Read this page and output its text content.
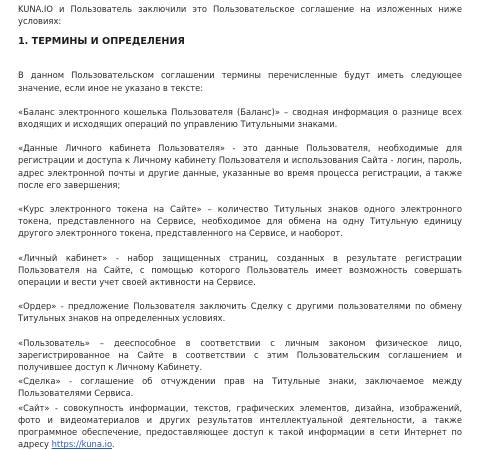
KUNA.IO и Пользователь заключили это Пользовательское соглашение на изложенных ниже условиях:

1. ТЕРМИНЫ И ОПРЕДЕЛЕНИЯ

В данном Пользовательском соглашении термины перечисленные будут иметь следующее значение, если иное не указано в тексте:

«Баланс электронного кошелька Пользователя (Баланс)» – сводная информация о разнице всех входящих и исходящих операций по управлению Титульными знаками.

«Данные Личного кабинета Пользователя» - это данные Пользователя, необходимые для регистрации и доступа к Личному кабинету Пользователя и использования Сайта - логин, пароль, адрес электронной почты и другие данные, указанные во время процесса регистрации, а также после его завершения;

«Курс электронного токена на Сайте» – количество Титульных знаков одного электронного токена, представленного на Сервисе, необходимое для обмена на одну Титульную единицу другого электронного токена, представленного на Сервисе, и наоборот.

«Личный кабинет» - набор защищенных страниц, созданных в результате регистрации Пользователя на Сайте, с помощью которого Пользователь имеет возможность совершать операции и вести учет своей активности на Сервисе.

«Ордер» - предложение Пользователя заключить Сделку с другими пользователями по обмену Титульных знаков на определенных условиях.

«Пользователь» – дееспособное в соответствии с личным законом физическое лицо, зарегистрированное на Сайте в соответствии с этим Пользовательским соглашением и получившее доступ к Личному Кабинету.

«Сделка» - соглашение об отчуждении прав на Титульные знаки, заключаемое между Пользователями Сервиса.

«Сайт» - совокупность информации, текстов, графических элементов, дизайна, изображений, фото и видеоматериалов и других результатов интеллектуальной деятельности, а также программное обеспечение, предоставляющее доступ к такой информации в сети Интернет по адресу https://kuna.io.
